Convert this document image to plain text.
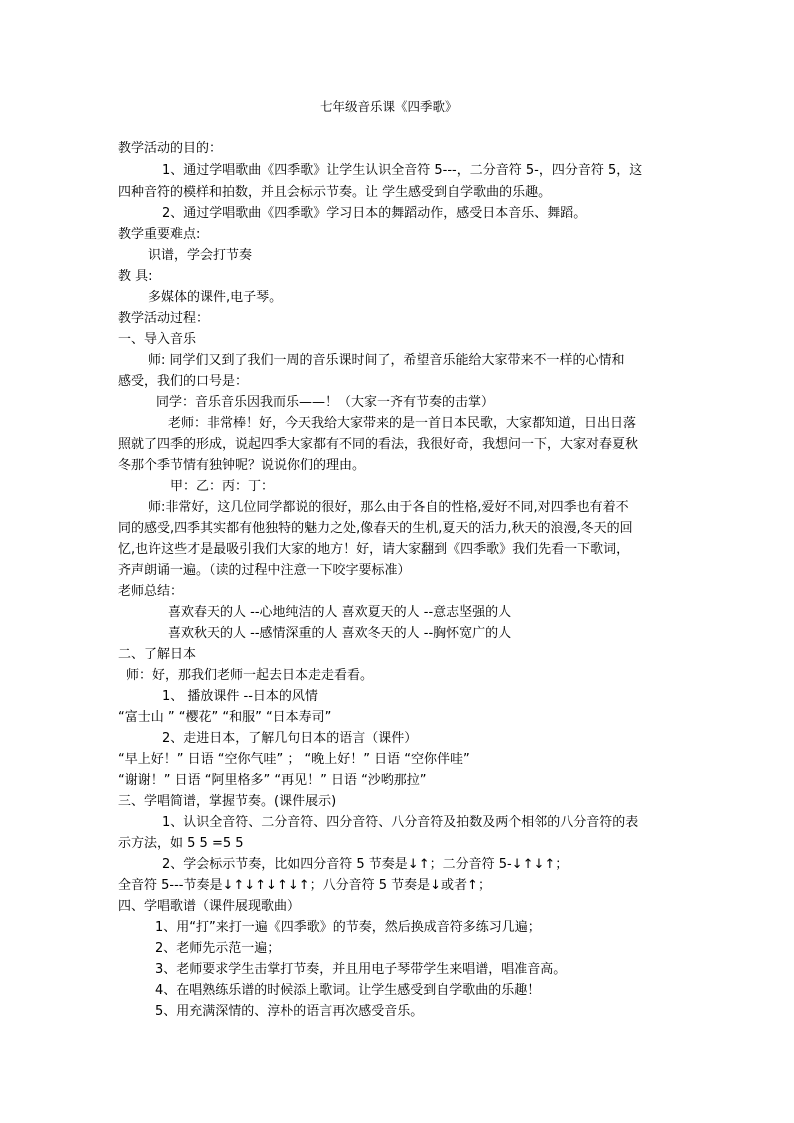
七年级音乐课《四季歌》
教学活动的目的：
1、通过学唱歌曲《四季歌》让学生认识全音符 5---，二分音符 5-，四分音符 5，这
四种音符的模样和拍数，并且会标示节奏。让 学生感受到自学歌曲的乐趣。
2、通过学唱歌曲《四季歌》学习日本的舞蹈动作，感受日本音乐、舞蹈。
教学重要难点:
识谱，学会打节奏
教 具:
多媒体的课件,电子琴。
教学活动过程：
一、导入音乐
师: 同学们又到了我们一周的音乐课时间了，希望音乐能给大家带来不一样的心情和
感受，我们的口号是：
同学：音乐音乐因我而乐——！（大家一齐有节奏的击掌）
老师：非常棒！好，今天我给大家带来的是一首日本民歌，大家都知道，日出日落
照就了四季的形成，说起四季大家都有不同的看法，我很好奇，我想问一下，大家对春夏秋
冬那个季节情有独钟呢？说说你们的理由。
甲：乙：丙：丁：
师:非常好，这几位同学都说的很好，那么由于各自的性格,爱好不同,对四季也有着不
同的感受,四季其实都有他独特的魅力之处,像春天的生机,夏天的活力,秋天的浪漫,冬天的回
忆,也许这些才是最吸引我们大家的地方！好，请大家翻到《四季歌》我们先看一下歌词，
齐声朗诵一遍。（读的过程中注意一下咬字要标准）
老师总结：
喜欢春天的人 --心地纯洁的人 喜欢夏天的人 --意志坚强的人
喜欢秋天的人 --感情深重的人 喜欢冬天的人 --胸怀宽广的人
二、了解日本
师：好，那我们老师一起去日本走走看看。
1、 播放课件 --日本的风情
“富士山 ” “樱花” “和服” “日本寿司”
2、走进日本，了解几句日本的语言（课件）
“早上好！” 日语 “空你气哇” ； “晚上好！” 日语 “空你伴哇”
“谢谢！” 日语 “阿里格多” “再见！” 日语 “沙哟那拉”
三、学唱简谱，掌握节奏。(课件展示)
1、认识全音符、二分音符、四分音符、八分音符及拍数及两个相邻的八分音符的表
示方法，如 5 5 =5 5
2、学会标示节奏，比如四分音符 5 节奏是↓↑；二分音符 5-↓↑↓↑；
全音符 5---节奏是↓↑↓↑↓↑↓↑；八分音符 5 节奏是↓或者↑；
四、学唱歌谱（课件展现歌曲）
1、用“打”来打一遍《四季歌》的节奏，然后换成音符多练习几遍；
2、老师先示范一遍；
3、老师要求学生击掌打节奏，并且用电子琴带学生来唱谱，唱准音高。
4、在唱熟练乐谱的时候添上歌词。让学生感受到自学歌曲的乐趣！
5、用充满深情的、淳朴的语言再次感受音乐。
